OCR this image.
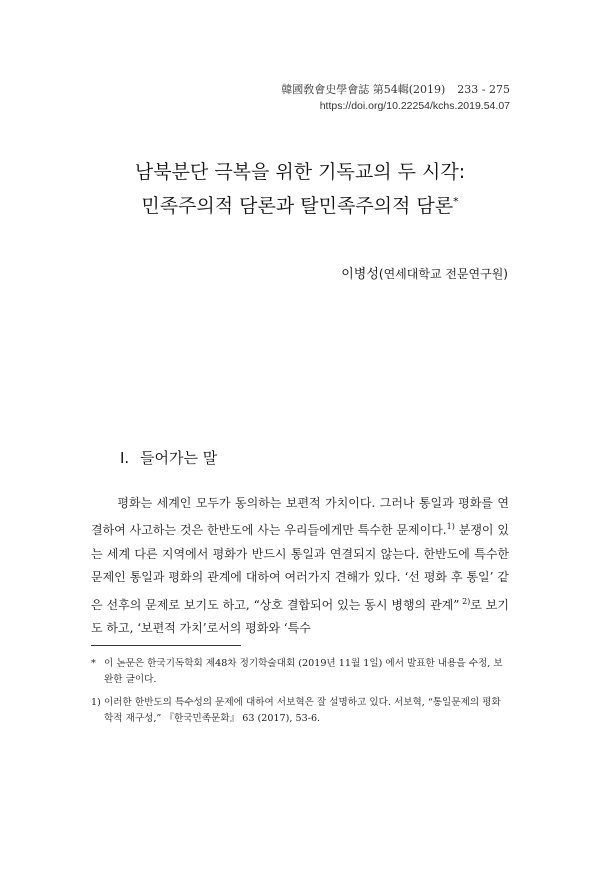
韓國敎會史學會誌 第54輯(2019) 233 - 275
https://doi.org/10.22254/kchs.2019.54.07
남북분단 극복을 위한 기독교의 두 시각:
민족주의적 담론과 탈민족주의적 담론*
이병성(연세대학교 전문연구원)
I. 들어가는 말

평화는 세계인 모두가 동의하는 보편적 가치이다. 그러나 통일과 평화를 연결하여 사고하는 것은 한반도에 사는 우리들에게만 특수한 문제이다.$^{1)}$ 분쟁이 있는 세계 다른 지역에서 평화가 반드시 통일과 연결되지 않는다. 한반도에 특수한 문제인 통일과 평화의 관계에 대하여 여러가지 견해가 있다. ‘선 평화 후 통일’ 같은 선후의 문제로 보기도 하고, “상호 결합되어 있는 동시 병행의 관계” $^{2)}$로 보기도 하고, ‘보편적 가치’로서의 평화와 ‘특수

* 이 논문은 한국기독학회 제48차 정기학술대회 (2019년 11월 1일) 에서 발표한 내용을 수정, 보완한 글이다.
1) 이러한 한반도의 특수성의 문제에 대하여 서보혁은 잘 설명하고 있다. 서보혁, “통일문제의 평화학적 재구성,” 『한국민족문화』 63 (2017), 53-6.
